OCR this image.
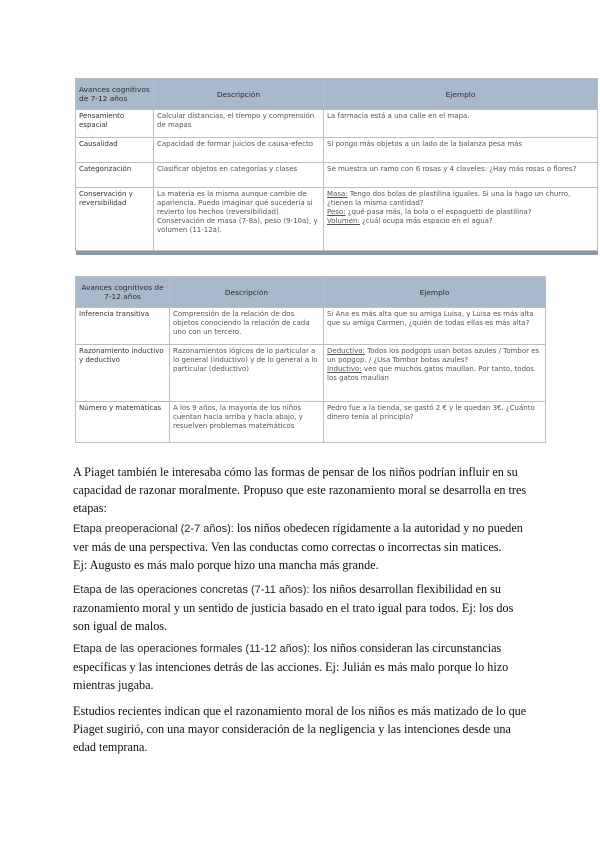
Avances cognitivos de 7-12 años	Descripción	Ejemplo
Pensamiento espacial	Calcular distancias, el tiempo y comprensión de mapas	La farmacia está a una calle en el mapa.
Causalidad	Capacidad de formar juicios de causa-efecto	Si pongo más objetos a un lado de la balanza pesa más
Categorización	Clasificar objetos en categorías y clases	Se muestra un ramo con 6 rosas y 4 claveles: ¿Hay más rosas o flores?
Conservación y reversibilidad	La materia es la misma aunque cambie de apariencia. Puedo imaginar qué sucedería si revierto los hechos (reversibilidad). Conservación de masa (7-8a), peso (9-10a), y volumen (11-12a).	Masa: Tengo dos bolas de plastilina iguales. Si una la hago un churro, ¿tienen la misma cantidad?
Peso: ¿qué pasa más, la bola o el espaguetti de plastilina?
Volumen: ¿cuál ocupa más espacio en el agua?

Avances cognitivos de 7-12 años	Descripción	Ejemplo
Inferencia transitiva	Comprensión de la relación de dos objetos conociendo la relación de cada uno con un tercero.	Si Ana es más alta que su amiga Luisa, y Luisa es más alta que su amiga Carmen, ¿quién de todas ellas es más alta?
Razonamiento inductivo y deductivo	Razonamientos lógicos de lo particular a lo general (inductivo) y de lo general a lo particular (deductivo)	Deductivo: Todos los podgops usan botas azules / Tombor es un popgop. / ¿Usa Tombor botas azules?
Inductivo: veo que muchos gatos maullan. Por tanto, todos los gatos maullan
Número y matemáticas	A los 9 años, la mayoría de los niños cuentan hacia arriba y hacia abajo, y resuelven problemas matemáticos	Pedro fue a la tienda, se gastó 2 € y le quedan 3€. ¿Cuánto dinero tenía al principio?

A Piaget también le interesaba cómo las formas de pensar de los niños podrían influir en su capacidad de razonar moralmente. Propuso que este razonamiento moral se desarrolla en tres etapas:

Etapa preoperacional (2-7 años): los niños obedecen rígidamente a la autoridad y no pueden ver más de una perspectiva. Ven las conductas como correctas o incorrectas sin matices.
Ej: Augusto es más malo porque hizo una mancha más grande.

Etapa de las operaciones concretas (7-11 años): los niños desarrollan flexibilidad en su razonamiento moral y un sentido de justicia basado en el trato igual para todos. Ej: los dos son igual de malos.

Etapa de las operaciones formales (11-12 años): los niños consideran las circunstancias específicas y las intenciones detrás de las acciones. Ej: Julián es más malo porque lo hizo mientras jugaba.

Estudios recientes indican que el razonamiento moral de los niños es más matizado de lo que Piaget sugirió, con una mayor consideración de la negligencia y las intenciones desde una edad temprana.
